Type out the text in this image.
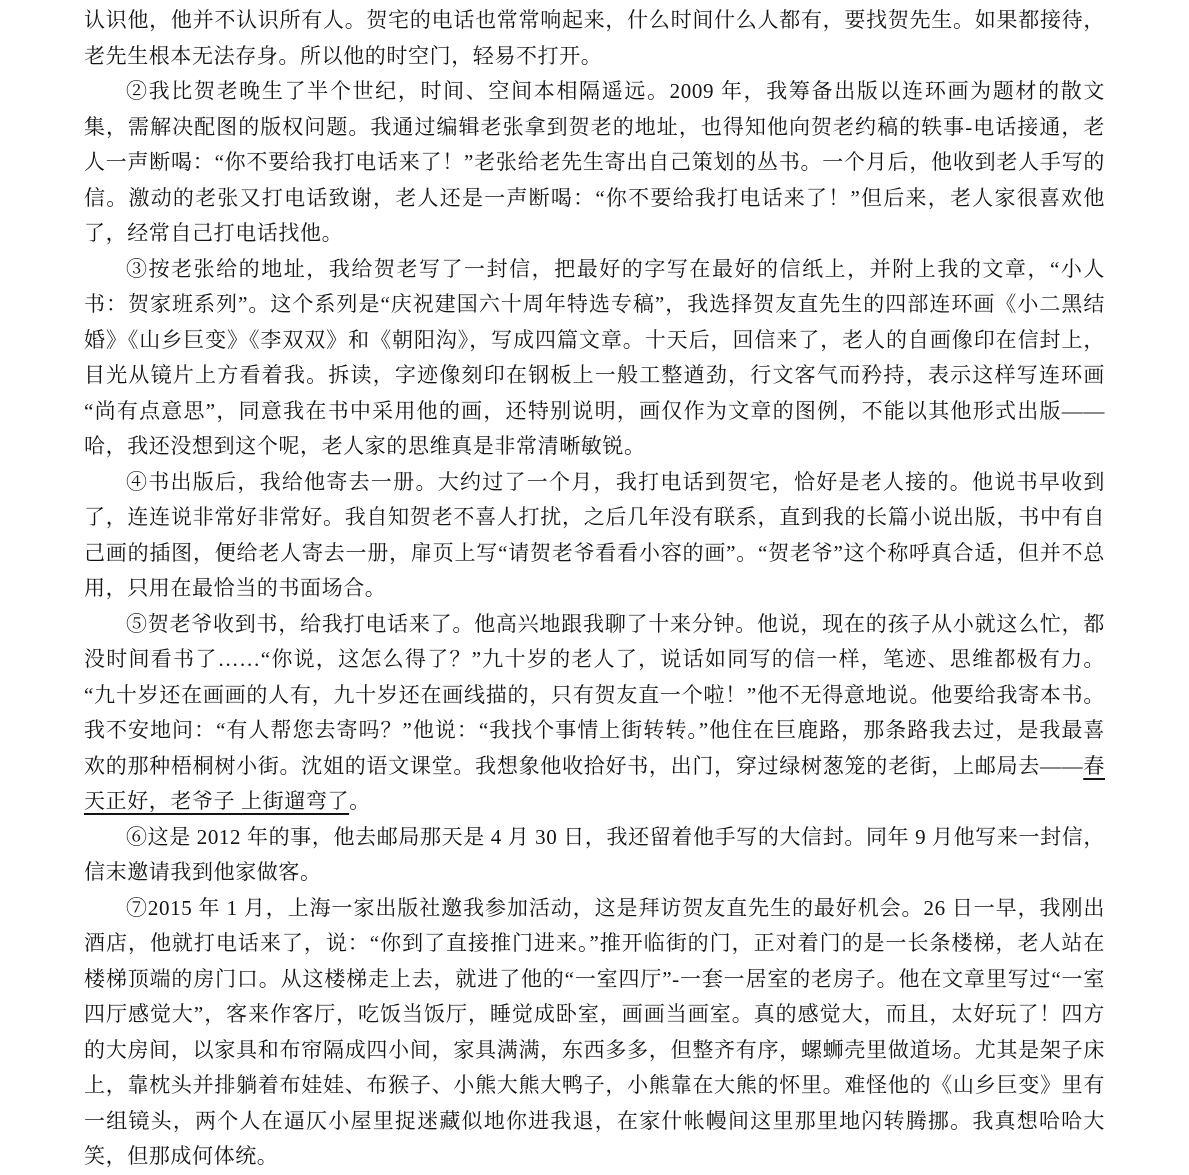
认识他，他并不认识所有人。贺宅的电话也常常响起来，什么时间什么人都有，要找贺先生。如果都接待，老先生根本无法存身。所以他的时空门，轻易不打开。

②我比贺老晚生了半个世纪，时间、空间本相隔遥远。2009 年，我筹备出版以连环画为题材的散文集，需解决配图的版权问题。我通过编辑老张拿到贺老的地址，也得知他向贺老约稿的轶事-电话接通，老人一声断喝：“你不要给我打电话来了！”老张给老先生寄出自己策划的丛书。一个月后，他收到老人手写的信。激动的老张又打电话致谢，老人还是一声断喝：“你不要给我打电话来了！”但后来，老人家很喜欢他了，经常自己打电话找他。

③按老张给的地址，我给贺老写了一封信，把最好的字写在最好的信纸上，并附上我的文章，“小人书：贺家班系列”。这个系列是“庆祝建国六十周年特选专稿”，我选择贺友直先生的四部连环画《小二黑结婚》《山乡巨变》《李双双》和《朝阳沟》，写成四篇文章。十天后，回信来了，老人的自画像印在信封上，目光从镜片上方看着我。拆读，字迹像刻印在钢板上一般工整遒劲，行文客气而矜持，表示这样写连环画“尚有点意思”，同意我在书中采用他的画，还特别说明，画仅作为文章的图例，不能以其他形式出版——哈，我还没想到这个呢，老人家的思维真是非常清晰敏锐。

④书出版后，我给他寄去一册。大约过了一个月，我打电话到贺宅，恰好是老人接的。他说书早收到了，连连说非常好非常好。我自知贺老不喜人打扰，之后几年没有联系，直到我的长篇小说出版，书中有自己画的插图，便给老人寄去一册，扉页上写“请贺老爷看看小容的画”。“贺老爷”这个称呼真合适，但并不总用，只用在最恰当的书面场合。

⑤贺老爷收到书，给我打电话来了。他高兴地跟我聊了十来分钟。他说，现在的孩子从小就这么忙，都没时间看书了……“你说，这怎么得了？”九十岁的老人了，说话如同写的信一样，笔迹、思维都极有力。“九十岁还在画画的人有，九十岁还在画线描的，只有贺友直一个啦！”他不无得意地说。他要给我寄本书。我不安地问：“有人帮您去寄吗？”他说：“我找个事情上街转转。”他住在巨鹿路，那条路我去过，是我最喜欢的那种梧桐树小街。沈姐的语文课堂。我想象他收拾好书，出门，穿过绿树葱笼的老街，上邮局去——春天正好，老爷子 上街遛弯了。

⑥这是 2012 年的事，他去邮局那天是 4 月 30 日，我还留着他手写的大信封。同年 9 月他写来一封信，信末邀请我到他家做客。

⑦2015 年 1 月，上海一家出版社邀我参加活动，这是拜访贺友直先生的最好机会。26 日一早，我刚出酒店，他就打电话来了，说：“你到了直接推门进来。”推开临街的门，正对着门的是一长条楼梯，老人站在楼梯顶端的房门口。从这楼梯走上去，就进了他的“一室四厅”-一套一居室的老房子。他在文章里写过“一室四厅感觉大”，客来作客厅，吃饭当饭厅，睡觉成卧室，画画当画室。真的感觉大，而且，太好玩了！四方的大房间，以家具和布帘隔成四小间，家具满满，东西多多，但整齐有序，螺蛳壳里做道场。尤其是架子床上，靠枕头并排躺着布娃娃、布猴子、小熊大熊大鸭子，小熊靠在大熊的怀里。难怪他的《山乡巨变》里有一组镜头，两个人在逼仄小屋里捉迷藏似地你进我退，在家什帐幔间这里那里地闪转腾挪。我真想哈哈大笑，但那成何体统。
